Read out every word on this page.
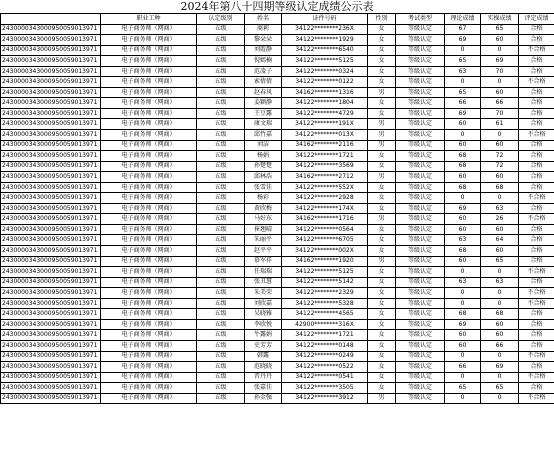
2024年第八十四期等级认定成绩公示表
	职业工种	认定级别	姓名	证件号码	性别	考试类型	理论成绩	实操成绩	评定成绩
2430000343000950059013971	电子商务师（网商）	五级	商莉	34122********236X	女	等级认定	67	65	合格
2430000343000950059013971	电子商务师（网商）	五级	黎朵朵	34122********1929	女	等级认定	69	60	合格
2430000343000950059013971	电子商务师（网商）	五级	刘霞静	34122********6540	女	等级认定	0	0	不合格
2430000343000950059013971	电子商务师（网商）	五级	倪嫣楠	34122********5125	女	等级认定	65	69	合格
2430000343000950059013971	电子商务师（网商）	五级	范凌子	34122********0324	女	等级认定	63	70	合格
2430000343000950059013971	电子商务师（网商）	五级	索倩倩	34122********0122	女	等级认定	0	0	不合格
2430000343000950059013971	电子商务师（网商）	五级	赵春风	34162********1316	男	等级认定	65	60	合格
2430000343000950059013971	电子商务师（网商）	五级	姜颖静	34122********1804	女	等级认定	66	66	合格
2430000343000950059013971	电子商务师（网商）	五级	王豆露	34122********4729	女	等级认定	69	70	合格
2430000343000950059013971	电子商务师（网商）	五级	康文瑞	34122********191X	男	等级认定	60	61	合格
2430000343000950059013971	电子商务师（网商）	五级	邱竹嘉	34122********013X	男	等级认定	0	0	不合格
2430000343000950059013971	电子商务师（网商）	五级	刘洁	34162********2116	男	等级认定	60	60	合格
2430000343000950059013971	电子商务师（网商）	五级	杨娟	34122********1721	女	等级认定	68	72	合格
2430000343000950059013971	电子商务师（网商）	五级	孙楚楚	34122********3569	女	等级认定	68	72	合格
2430000343000950059013971	电子商务师（网商）	五级	邱林浩	34162********2712	男	等级认定	60	60	合格
2430000343000950059013971	电子商务师（网商）	五级	张雪佳	34122********552X	女	等级认定	68	68	合格
2430000343000950059013971	电子商务师（网商）	五级	杨彩	34122********2928	女	等级认定	0	0	不合格
2430000343000950059013971	电子商务师（网商）	五级	黄欣梅	34122********174X	女	等级认定	69	63	合格
2430000343000950059013971	电子商务师（网商）	五级	马好东	34162********1716	男	等级认定	60	26	不合格
2430000343000950059013971	电子商务师（网商）	五级	崔翘晴	34122********0564	女	等级认定	60	60	合格
2430000343000950059013971	电子商务师（网商）	五级	朱丽平	34122********6705	女	等级认定	63	64	合格
2430000343000950059013971	电子商务师（网商）	五级	赵平平	34122********002X	女	等级认定	68	60	合格
2430000343000950059013971	电子商务师（网商）	五级	慕军祥	34162********1920	男	等级认定	60	65	合格
2430000343000950059013971	电子商务师（网商）	五级	任瑞瑞	34122********5125	女	等级认定	0	0	不合格
2430000343000950059013971	电子商务师（网商）	五级	张丑慧	34122********5142	女	等级认定	63	63	合格
2430000343000950059013971	电子商务师（网商）	五级	朱美荣	34122********2329	女	等级认定	0	0	不合格
2430000343000950059013971	电子商务师（网商）	五级	刘欣嘉	34122********5328	女	等级认定	0	0	不合格
2430000343000950059013971	电子商务师（网商）	五级	吴晓雅	34122********4565	女	等级认定	68	68	合格
2430000343000950059013971	电子商务师（网商）	五级	李欣悦	42900********316X	女	等级认定	69	60	合格
2430000343000950059013971	电子商务师（网商）	五级	牛露娟	34122********1721	女	等级认定	60	60	合格
2430000343000950059013971	电子商务师（网商）	五级	史芳芳	34122********0148	女	等级认定	60	66	合格
2430000343000950059013971	电子商务师（网商）	五级	韩露	34122********0249	女	等级认定	0	0	不合格
2430000343000950059013971	电子商务师（网商）	五级	范晓晓	34122********0522	女	等级认定	66	69	合格
2430000343000950059013971	电子商务师（网商）	五级	晋丹丹	34122********0541	女	等级认定	0	0	不合格
2430000343000950059013971	电子商务师（网商）	五级	张嘉佳	34122********3505	女	等级认定	65	65	合格
2430000343000950059013971	电子商务师（网商）	五级	孙金强	34122********3912	男	等级认定	0	0	不合格
